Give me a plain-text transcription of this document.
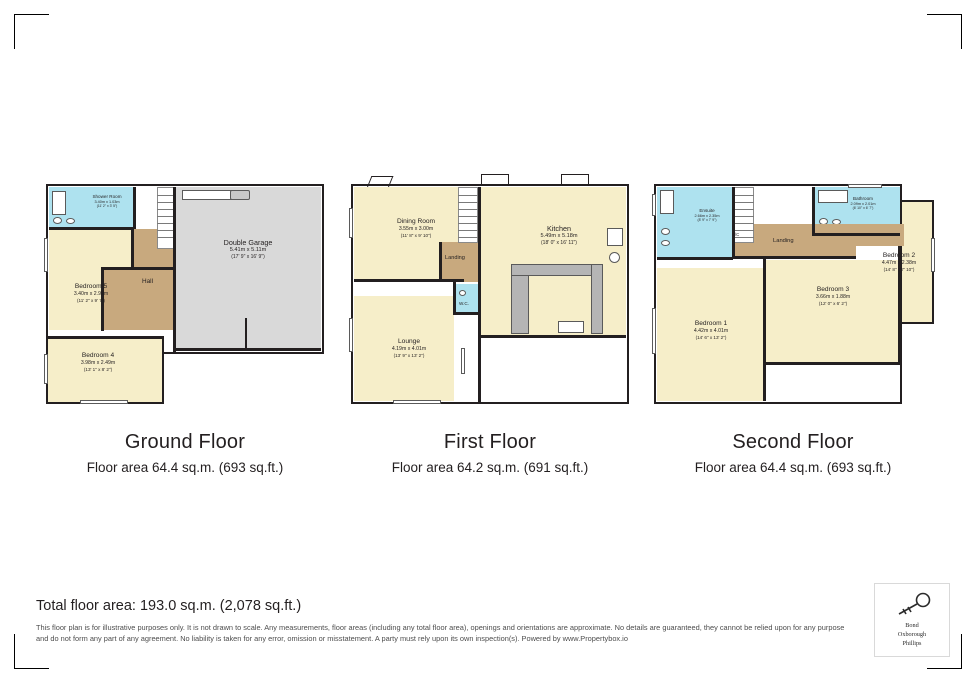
Shower Room
3.40m x 1.03m
(11' 2" x 3' 5")
Double Garage
5.41m x 5.11m
(17' 9" x 16' 9")
Bedroom 5
3.40m x 2.92m
(11' 2" x 9' 7")
Hall
Bedroom 4
3.98m x 2.49m
(13' 1" x 8' 2")
Ground Floor
Floor area 64.4 sq.m. (693 sq.ft.)
Dining Room
3.55m x 3.00m
(11' 8" x 9' 10")
Kitchen
5.49m x 5.18m
(18' 0" x 16' 11")
Landing
W.C.
Lounge
4.19m x 4.01m
(13' 9" x 13' 2")
First Floor
Floor area 64.2 sq.m. (691 sq.ft.)
Bathroom
2.09m x 2.01m
(6' 10" x 6' 7")
Ensuite
2.66m x 2.35m
(8' 9" x 7' 9")
Landing
A/C
Bedroom 2
4.47m x 2.38m
(14' 8" x 7' 10")
Bedroom 3
3.66m x 1.88m
(12' 0" x 6' 2")
Bedroom 1
4.42m x 4.01m
(14' 6" x 13' 2")
Second Floor
Floor area 64.4 sq.m. (693 sq.ft.)
Total floor area: 193.0 sq.m. (2,078 sq.ft.)
This floor plan is for illustrative purposes only. It is not drawn to scale. Any measurements, floor areas (including any total floor area), openings and orientations are approximate. No details are guaranteed, they cannot be relied upon for any purpose and do not form any part of any agreement. No liability is taken for any error, omission or misstatement. A party must rely upon its own inspection(s). Powered by www.Propertybox.io
Bond
Oxborough
Phillips
